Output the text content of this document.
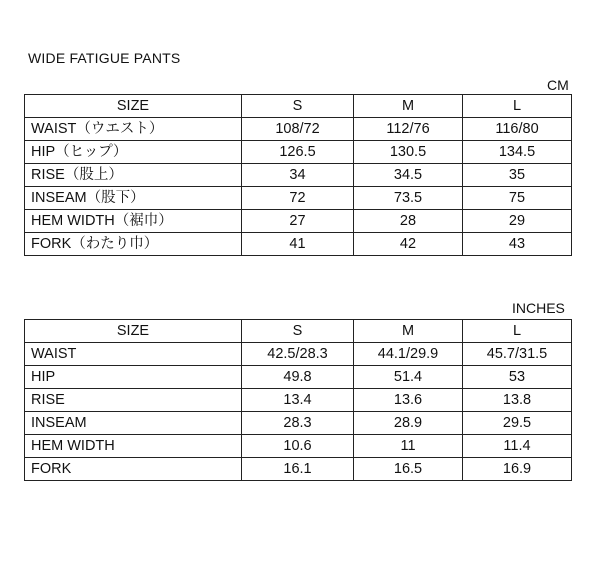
WIDE FATIGUE PANTS
CM
SIZE	S	M	L
WAIST（ウエスト）	108/72	112/76	116/80
HIP（ヒップ）	126.5	130.5	134.5
RISE（股上）	34	34.5	35
INSEAM（股下）	72	73.5	75
HEM WIDTH（裾巾）	27	28	29
FORK（わたり巾）	41	42	43
INCHES
SIZE	S	M	L
WAIST	42.5/28.3	44.1/29.9	45.7/31.5
HIP	49.8	51.4	53
RISE	13.4	13.6	13.8
INSEAM	28.3	28.9	29.5
HEM WIDTH	10.6	11	11.4
FORK	16.1	16.5	16.9
